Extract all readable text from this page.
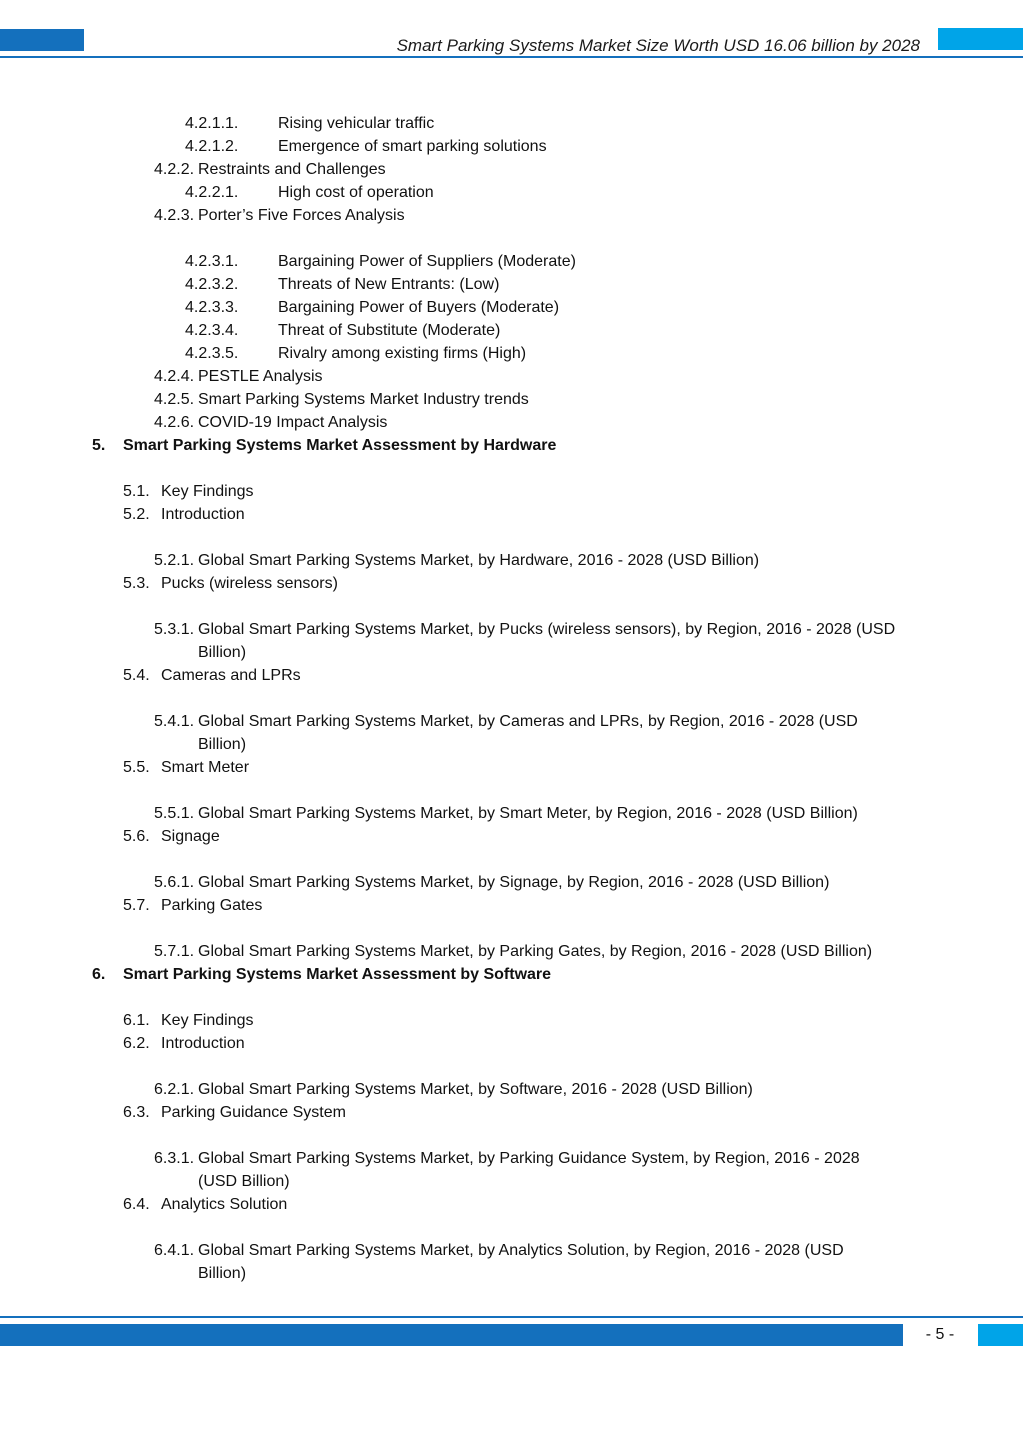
Smart Parking Systems Market Size Worth USD 16.06 billion by 2028
4.2.1.1. Rising vehicular traffic
4.2.1.2. Emergence of smart parking solutions
4.2.2. Restraints and Challenges
4.2.2.1. High cost of operation
4.2.3. Porter’s Five Forces Analysis
4.2.3.1. Bargaining Power of Suppliers (Moderate)
4.2.3.2. Threats of New Entrants: (Low)
4.2.3.3. Bargaining Power of Buyers (Moderate)
4.2.3.4. Threat of Substitute (Moderate)
4.2.3.5. Rivalry among existing firms (High)
4.2.4. PESTLE Analysis
4.2.5. Smart Parking Systems Market Industry trends
4.2.6. COVID-19 Impact Analysis
5. Smart Parking Systems Market Assessment by Hardware
5.1. Key Findings
5.2. Introduction
5.2.1. Global Smart Parking Systems Market, by Hardware, 2016 - 2028 (USD Billion)
5.3. Pucks (wireless sensors)
5.3.1. Global Smart Parking Systems Market, by Pucks (wireless sensors), by Region, 2016 - 2028 (USD
Billion)
5.4. Cameras and LPRs
5.4.1. Global Smart Parking Systems Market, by Cameras and LPRs, by Region, 2016 - 2028 (USD
Billion)
5.5. Smart Meter
5.5.1. Global Smart Parking Systems Market, by Smart Meter, by Region, 2016 - 2028 (USD Billion)
5.6. Signage
5.6.1. Global Smart Parking Systems Market, by Signage, by Region, 2016 - 2028 (USD Billion)
5.7. Parking Gates
5.7.1. Global Smart Parking Systems Market, by Parking Gates, by Region, 2016 - 2028 (USD Billion)
6. Smart Parking Systems Market Assessment by Software
6.1. Key Findings
6.2. Introduction
6.2.1. Global Smart Parking Systems Market, by Software, 2016 - 2028 (USD Billion)
6.3. Parking Guidance System
6.3.1. Global Smart Parking Systems Market, by Parking Guidance System, by Region, 2016 - 2028
(USD Billion)
6.4. Analytics Solution
6.4.1. Global Smart Parking Systems Market, by Analytics Solution, by Region, 2016 - 2028 (USD
Billion)
- 5 -
